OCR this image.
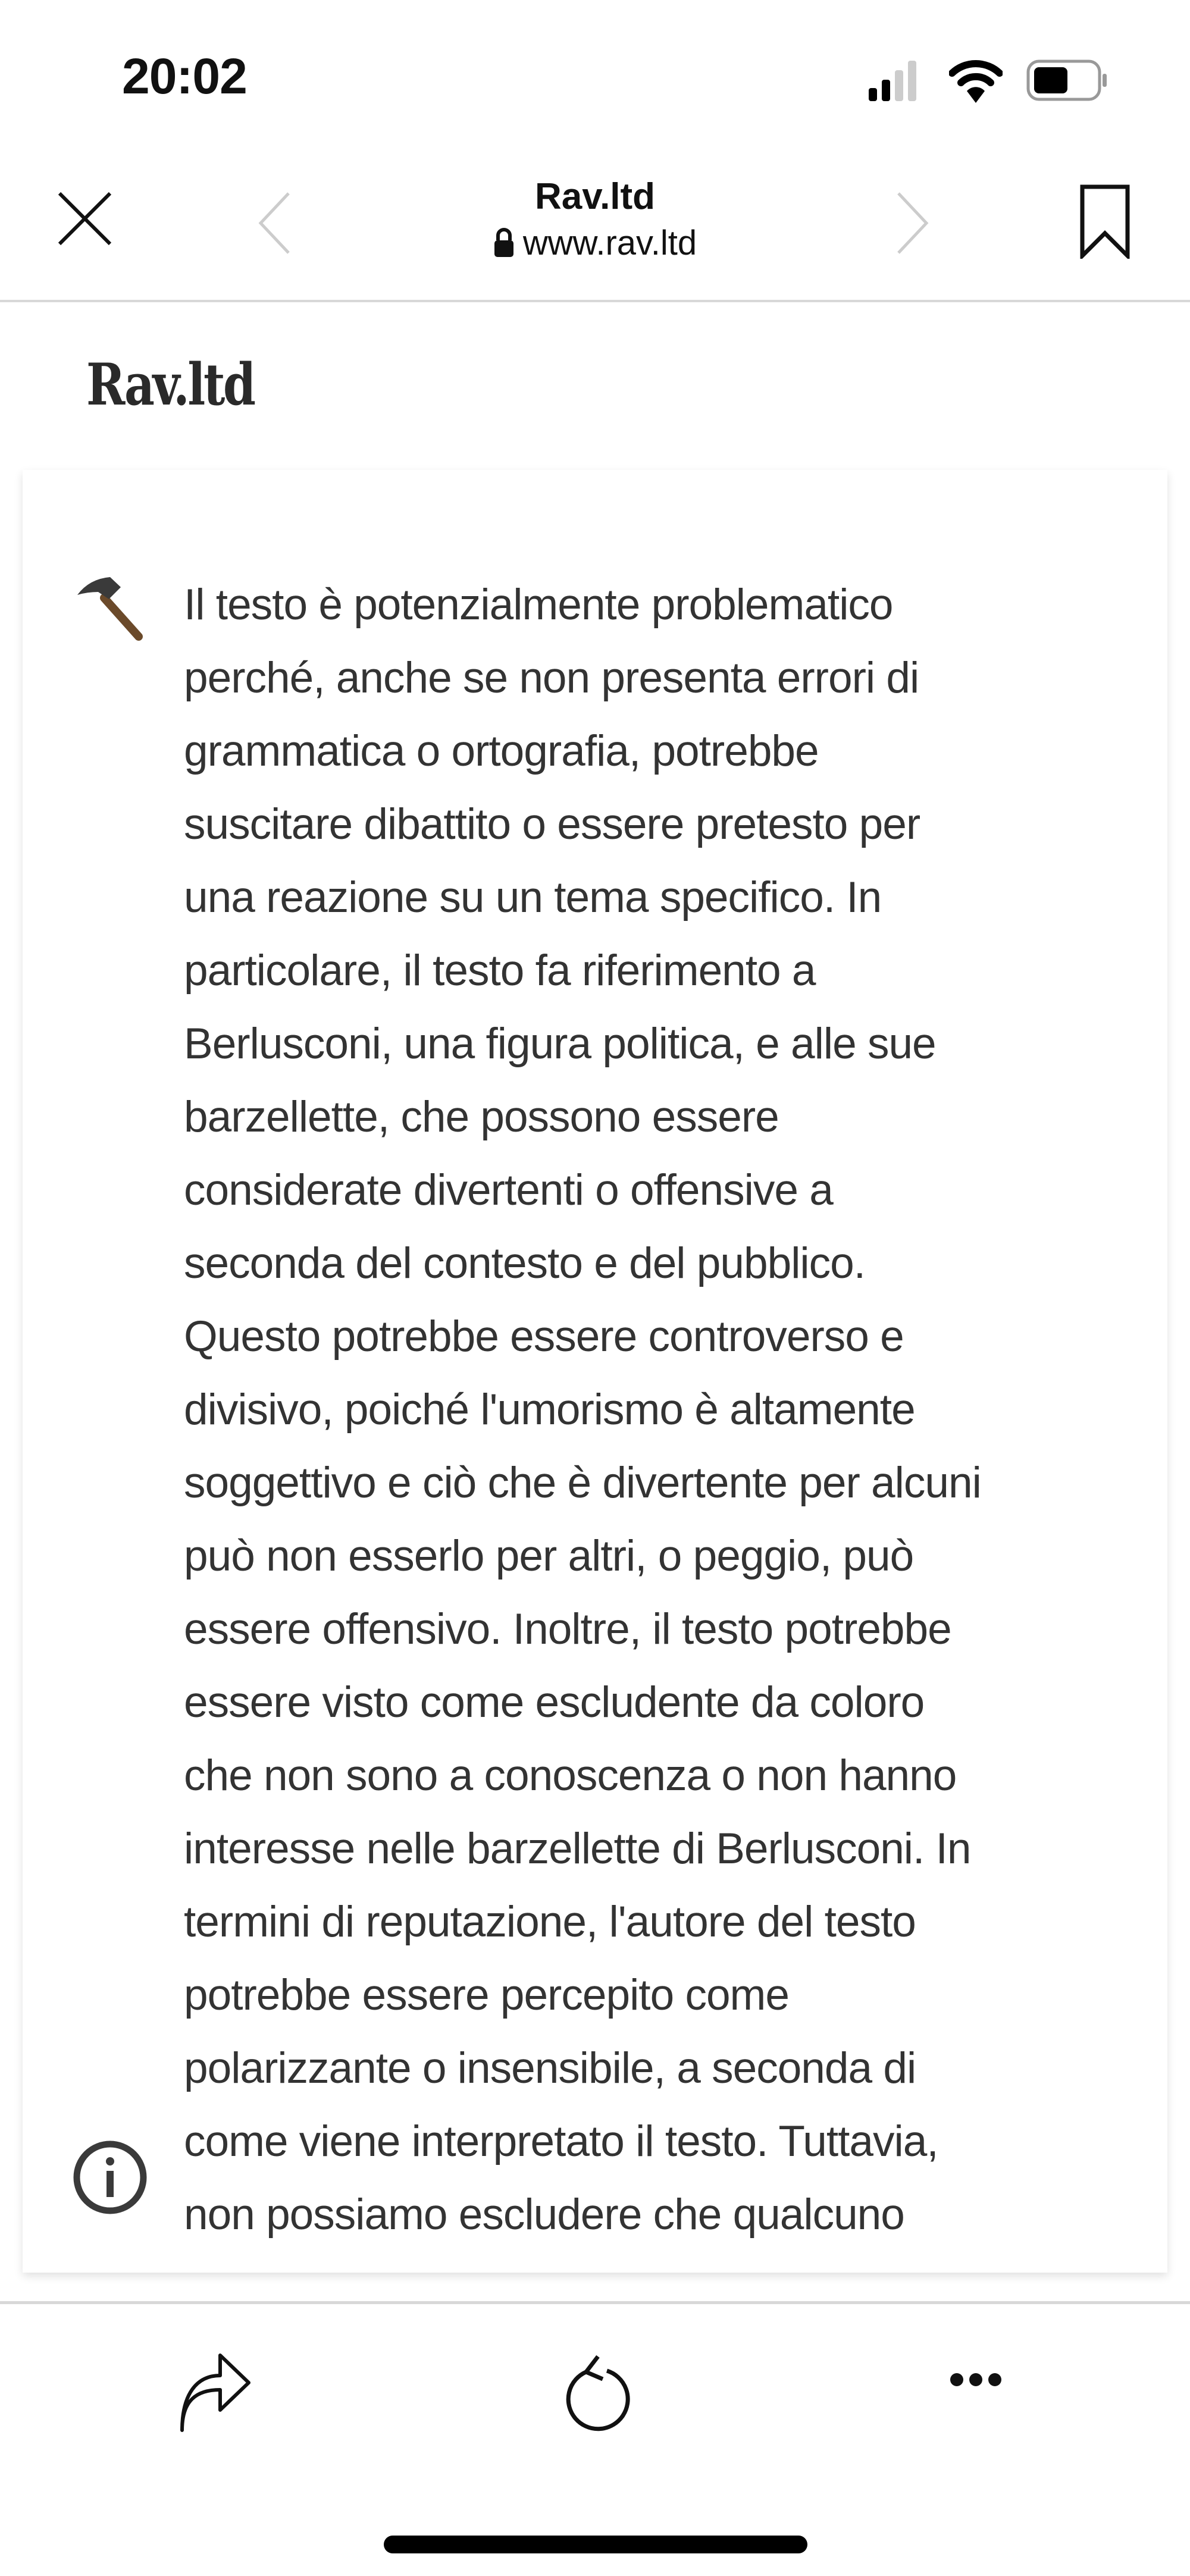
20:02
Rav.ltd
www.rav.ltd
Rav.ltd
Il testo è potenzialmente problematico
perché, anche se non presenta errori di
grammatica o ortografia, potrebbe
suscitare dibattito o essere pretesto per
una reazione su un tema specifico. In
particolare, il testo fa riferimento a
Berlusconi, una figura politica, e alle sue
barzellette, che possono essere
considerate divertenti o offensive a
seconda del contesto e del pubblico.
Questo potrebbe essere controverso e
divisivo, poiché l'umorismo è altamente
soggettivo e ciò che è divertente per alcuni
può non esserlo per altri, o peggio, può
essere offensivo. Inoltre, il testo potrebbe
essere visto come escludente da coloro
che non sono a conoscenza o non hanno
interesse nelle barzellette di Berlusconi. In
termini di reputazione, l'autore del testo
potrebbe essere percepito come
polarizzante o insensibile, a seconda di
come viene interpretato il testo. Tuttavia,
non possiamo escludere che qualcuno
